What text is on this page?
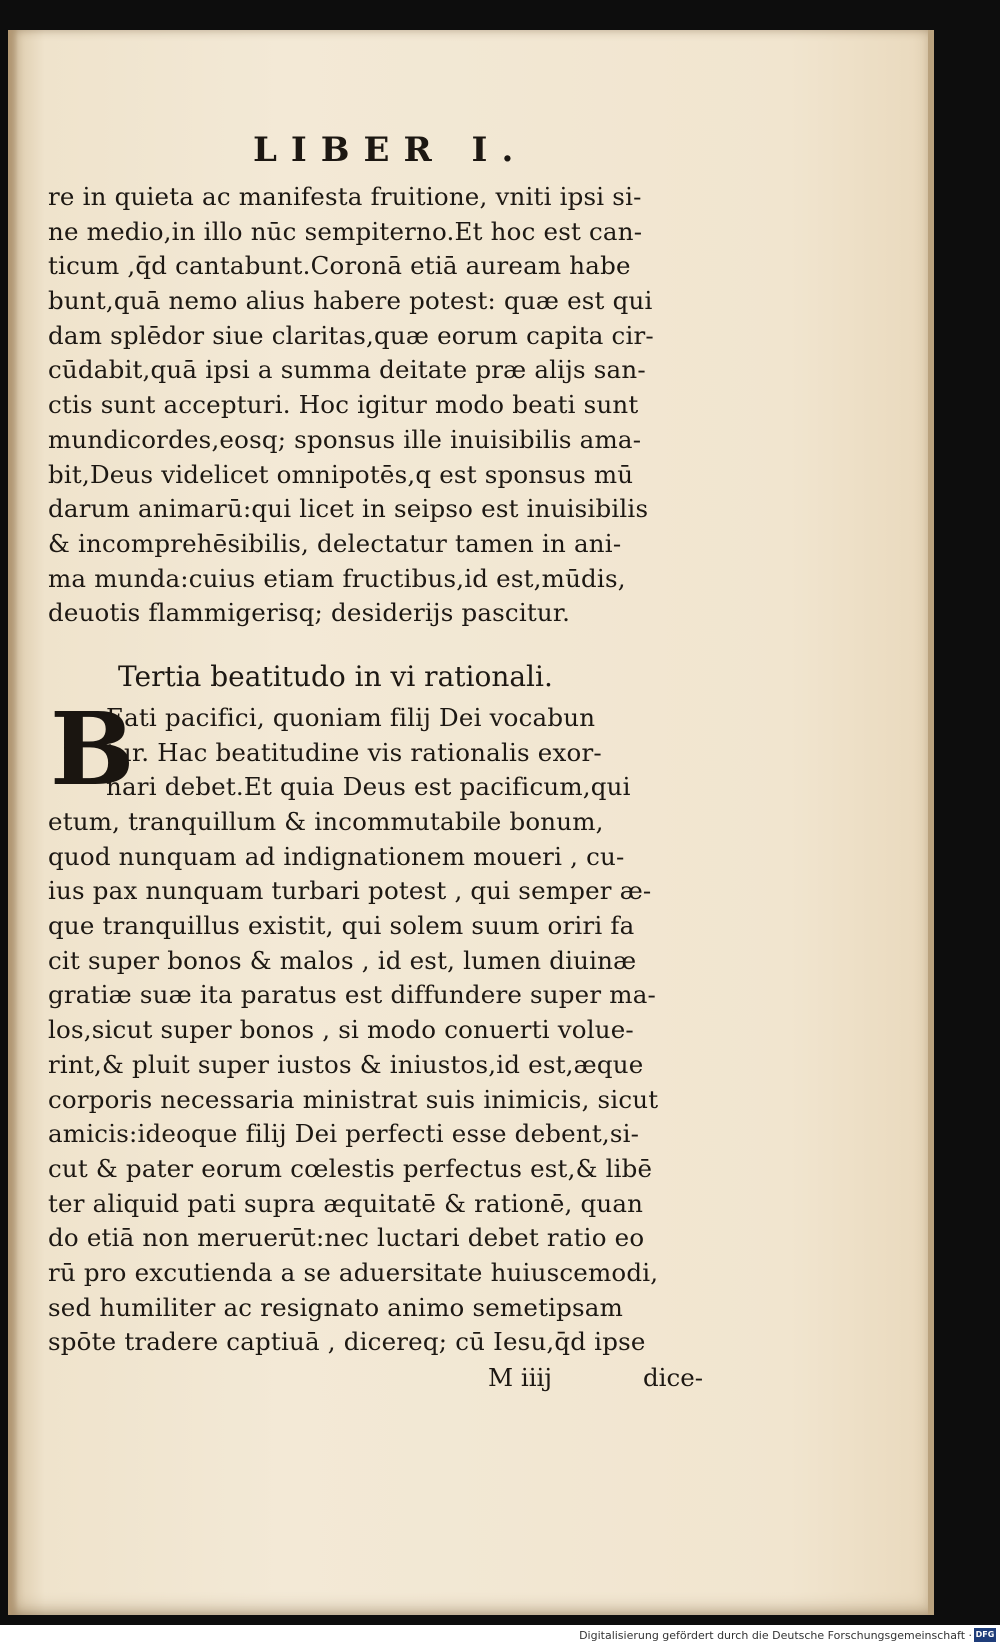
LIBER I.
re in quieta ac manifesta fruitione, vniti ipsi si-
ne medio,in illo nūc sempiterno.Et hoc est can-
ticum ,q̄d cantabunt.Coronā etiā auream habe
bunt,quā nemo alius habere potest: quæ est qui
dam splēdor siue claritas,quæ eorum capita cir-
cūdabit,quā ipsi a summa deitate præ alijs san-
ctis sunt accepturi. Hoc igitur modo beati sunt
mundicordes,eosq; sponsus ille inuisibilis ama-
bit,Deus videlicet omnipotēs,q est sponsus mū
darum animarū:qui licet in seipso est inuisibilis
& incomprehēsibilis, delectatur tamen in ani-
ma munda:cuius etiam fructibus,id est,mūdis,
deuotis flammigerisq; desiderijs pascitur.
Tertia beatitudo in vi rationali.
B
Eati pacifici, quoniam filij Dei vocabun
tur. Hac beatitudine vis rationalis exor-
nari debet.Et quia Deus est pacificum,qui
etum, tranquillum & incommutabile bonum,
quod nunquam ad indignationem moueri , cu-
ius pax nunquam turbari potest , qui semper æ-
que tranquillus existit, qui solem suum oriri fa
cit super bonos & malos , id est, lumen diuinæ
gratiæ suæ ita paratus est diffundere super ma-
los,sicut super bonos , si modo conuerti volue-
rint,& pluit super iustos & iniustos,id est,æque
corporis necessaria ministrat suis inimicis, sicut
amicis:ideoque filij Dei perfecti esse debent,si-
cut & pater eorum cœlestis perfectus est,& libē
ter aliquid pati supra æquitatē & rationē, quan
do etiā non meruerūt:nec luctari debet ratio eo
rū pro excutienda a se aduersitate huiuscemodi,
sed humiliter ac resignato animo semetipsam
spōte tradere captiuā , dicereq; cū Iesu,q̄d ipse
M iiij	dice-
Digitalisierung gefördert durch die Deutsche Forschungsgemeinschaft · DFG
